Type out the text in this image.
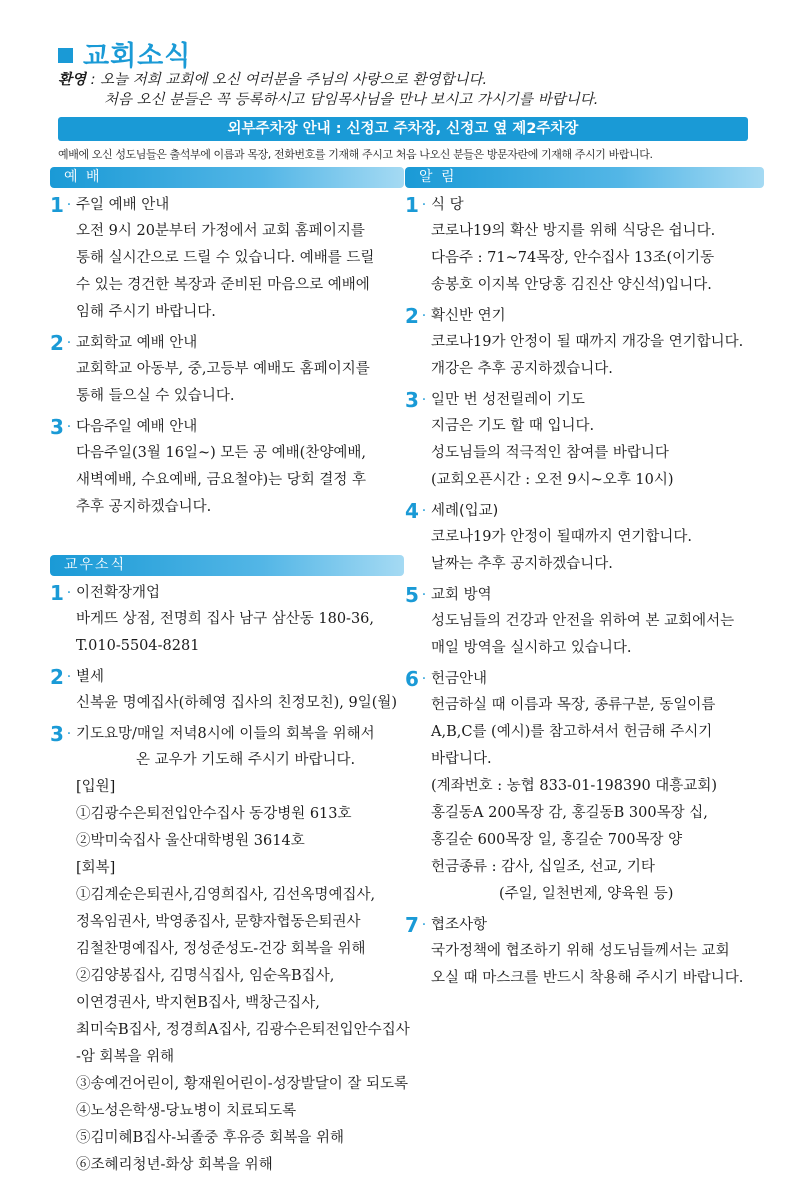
교회소식
환영 : 오늘 저희 교회에 오신 여러분을 주님의 사랑으로 환영합니다.
처음 오신 분들은 꼭 등록하시고 담임목사님을 만나 보시고 가시기를 바랍니다.
외부주차장 안내 : 신정고 주차장, 신정고 옆 제2주차장
예배에 오신 성도님들은 출석부에 이름과 목장, 전화번호를 기재해 주시고 처음 나오신 분들은 방문자란에 기재해 주시기 바랍니다.
예 배
1 · 주일 예배 안내

오전 9시 20분부터 가정에서 교회 홈페이지를

통해 실시간으로 드릴 수 있습니다. 예배를 드릴

수 있는 경건한 복장과 준비된 마음으로 예배에

임해 주시기 바랍니다.

2 · 교회학교 예배 안내

교회학교 아동부, 중,고등부 예배도 홈페이지를

통해 들으실 수 있습니다.

3 · 다음주일 예배 안내

다음주일(3월 16일~) 모든 공 예배(찬양예배,

새벽예배, 수요예배, 금요철야)는 당회 결정 후

추후 공지하겠습니다.

교우소식
1 · 이전확장개업

바게뜨 상점, 전명희 집사 남구 삼산동 180-36,

T.010-5504-8281

2 · 별세

신복윤 명예집사(하혜영 집사의 친정모친), 9일(월)

3 · 기도요망/매일 저녁8시에 이들의 회복을 위해서

온 교우가 기도해 주시기 바랍니다.

[입원]

①김광수은퇴전입안수집사 동강병원 613호

②박미숙집사 울산대학병원 3614호

[회복]

①김계순은퇴권사,김영희집사, 김선옥명예집사,

정옥임권사, 박영종집사, 문향자협동은퇴권사

김철찬명예집사, 정성준성도-건강 회복을 위해

②김양봉집사, 김명식집사, 임순옥B집사,

이연경권사, 박지현B집사, 백창근집사,

최미숙B집사, 정경희A집사, 김광수은퇴전입안수집사

-암 회복을 위해

③송예건어린이, 황재원어린이-성장발달이 잘 되도록

④노성은학생-당뇨병이 치료되도록

⑤김미혜B집사-뇌졸중 후유증 회복을 위해

⑥조혜리청년-화상 회복을 위해

알 림
1 · 식 당

코로나19의 확산 방지를 위해 식당은 쉽니다.

다음주 : 71~74목장, 안수집사 13조(이기동

송봉호 이지복 안당홍 김진산 양신석)입니다.

2 · 확신반 연기

코로나19가 안정이 될 때까지 개강을 연기합니다.

개강은 추후 공지하겠습니다.

3 · 일만 번 성전릴레이 기도

지금은 기도 할 때 입니다.

성도님들의 적극적인 참여를 바랍니다

(교회오픈시간 : 오전 9시~오후 10시)

4 · 세례(입교)

코로나19가 안정이 될때까지 연기합니다.

날짜는 추후 공지하겠습니다.

5 · 교회 방역

성도님들의 건강과 안전을 위하여 본 교회에서는

매일 방역을 실시하고 있습니다.

6 · 헌금안내

헌금하실 때 이름과 목장, 종류구분, 동일이름

A,B,C를 (예시)를 참고하셔서 헌금해 주시기

바랍니다.

(계좌번호 : 농협 833-01-198390 대흥교회)

홍길동A 200목장 감, 홍길동B 300목장 십,

홍길순 600목장 일, 홍길순 700목장 양

헌금종류 : 감사, 십일조, 선교, 기타

(주일, 일천번제, 양육원 등)

7 · 협조사항

국가정책에 협조하기 위해 성도님들께서는 교회

오실 때 마스크를 반드시 착용해 주시기 바랍니다.
